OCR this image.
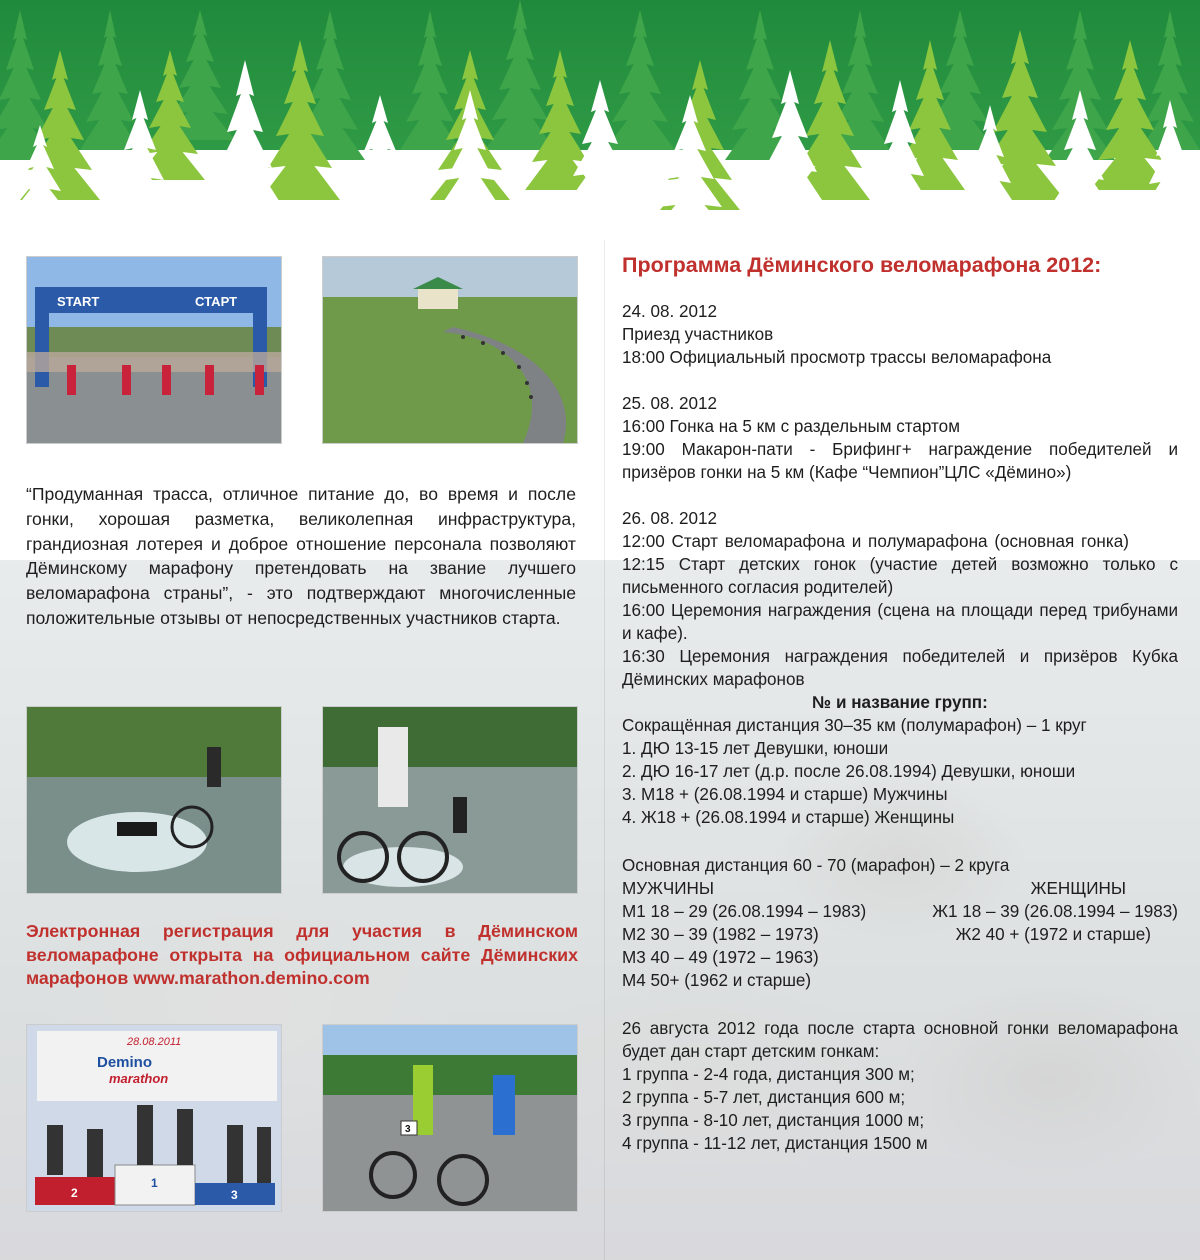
START	СТАРТ
“Продуманная трасса, отличное питание до, во время и после гонки, хорошая разметка, великолепная инфраструктура, грандиозная лотерея и доброе отношение персонала позволяют Дёминскому марафону претендовать на звание лучшего веломарафона страны”, - это подтверждают многочисленные положительные отзывы от непосредственных участников старта.
Электронная регистрация для участия в Дёминском веломарафоне открыта на официальном сайте Дёминских марафонов www.marathon.demino.com
28.08.2011
Demino
marathon
2
1
3
3
Программа Дёминского веломарафона 2012:
24. 08. 2012
Приезд участников
18:00 Официальный просмотр трассы веломарафона
25. 08. 2012
16:00 Гонка на 5 км с раздельным стартом
19:00 Макарон-пати - Брифинг+ награждение победителей и призёров гонки на 5 км (Кафе “Чемпион”ЦЛС «Дёмино»)
26. 08. 2012
12:00 Старт веломарафона и полумарафона (основная гонка)
12:15 Старт детских гонок (участие детей возможно только с письменного согласия родителей)
16:00 Церемония награждения (сцена на площади перед трибунами и кафе).
16:30 Церемония награждения победителей и призёров Кубка Дёминских марафонов
№ и название групп:
Сокращённая дистанция 30–35 км (полумарафон) – 1 круг
1. ДЮ 13-15 лет Девушки, юноши
2. ДЮ 16-17 лет (д.р. после 26.08.1994) Девушки, юноши
3. М18 + (26.08.1994 и старше) Мужчины
4. Ж18 + (26.08.1994 и старше) Женщины
Основная дистанция 60 - 70 (марафон) – 2 круга
МУЖЧИНЫ	ЖЕНЩИНЫ
М1 18 – 29 (26.08.1994 – 1983)	Ж1 18 – 39 (26.08.1994 – 1983)
М2 30 – 39 (1982 – 1973)	Ж2 40 + (1972 и старше)
М3 40 – 49 (1972 – 1963)
М4 50+ (1962 и старше)
26 августа 2012 года после старта основной гонки веломарафона будет дан старт детским гонкам:
1 группа - 2-4 года, дистанция 300 м;
2 группа - 5-7 лет, дистанция 600 м;
3 группа - 8-10 лет, дистанция 1000 м;
4 группа - 11-12 лет, дистанция 1500 м
